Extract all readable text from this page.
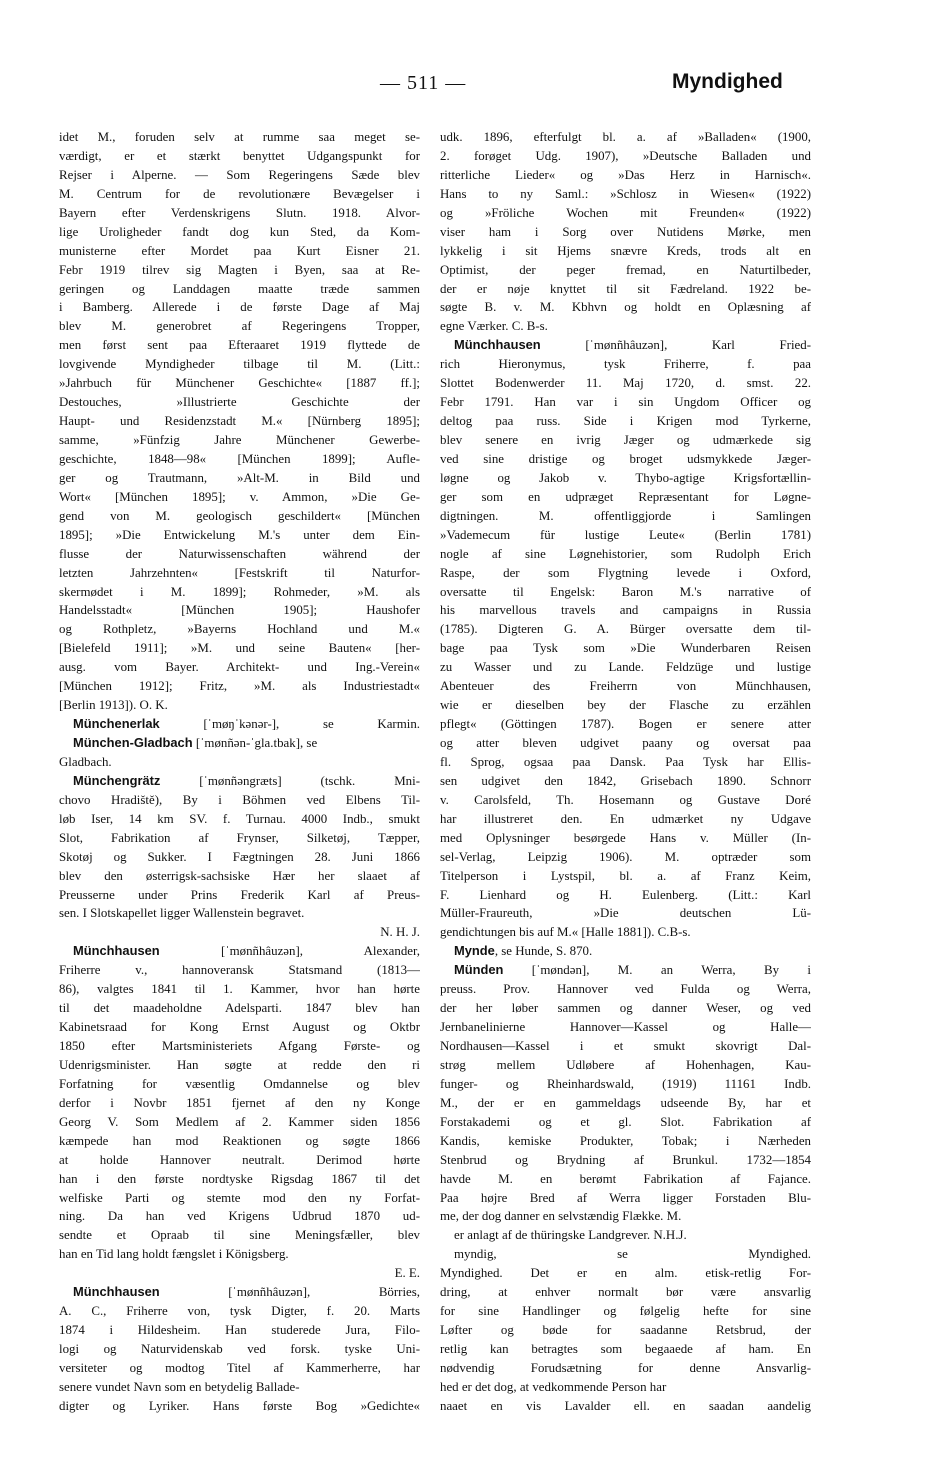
— 511 —	Myndighed
idet M., foruden selv at rumme saa meget se-
værdigt, er et stærkt benyttet Udgangspunkt for
Rejser i Alperne. — Som Regeringens Sæde blev
M. Centrum for de revolutionære Bevægelser i
Bayern efter Verdenskrigens Slutn. 1918. Alvor-
lige Uroligheder fandt dog kun Sted, da Kom-
munisterne efter Mordet paa Kurt Eisner 21.
Febr 1919 tilrev sig Magten i Byen, saa at Re-
geringen og Landdagen maatte træde sammen
i Bamberg. Allerede i de første Dage af Maj
blev M. generobret af Regeringens Tropper,
men først sent paa Efteraaret 1919 flyttede de
lovgivende Myndigheder tilbage til M. (Litt.:
»Jahrbuch für Münchener Geschichte« [1887 ff.];
Destouches, »Illustrierte Geschichte der
Haupt- und Residenzstadt M.« [Nürnberg 1895];
samme, »Fünfzig Jahre Münchener Gewerbe-
geschichte, 1848—98« [München 1899]; Aufle-
ger og Trautmann, »Alt-M. in Bild und
Wort« [München 1895]; v. Ammon, »Die Ge-
gend von M. geologisch geschildert« [München
1895]; »Die Entwickelung M.'s unter dem Ein-
flusse der Naturwissenschaften während der
letzten Jahrzehnten« [Festskrift til Naturfor-
skermødet i M. 1899]; Rohmeder, »M. als
Handelsstadt« [München 1905]; Haushofer
og Rothpletz, »Bayerns Hochland und M.«
[Bielefeld 1911]; »M. und seine Bauten« [her-
ausg. vom Bayer. Architekt- und Ing.-Verein«
[München 1912]; Fritz, »M. als Industriestadt«
[Berlin 1913]). O. K.
Münchenerlak [ˈmøŋˈkənər-], se Karmin.
München-Gladbach [ˈmønñən-ˈgla.tbak], se
Gladbach.
Münchengrätz [ˈmønñəngræts] (tschk. Mni-
chovo Hradiště), By i Böhmen ved Elbens Til-
løb Iser, 14 km SV. f. Turnau. 4000 Indb., smukt
Slot, Fabrikation af Frynser, Silketøj, Tæpper,
Skotøj og Sukker. I Fægtningen 28. Juni 1866
blev den østerrigsk-sachsiske Hær her slaaet af
Preusserne under Prins Frederik Karl af Preus-
sen. I Slotskapellet ligger Wallenstein begravet.
N. H. J.
Münchhausen [ˈmønñhâuzən], Alexander,
Friherre v., hannoveransk Statsmand (1813—
86), valgtes 1841 til 1. Kammer, hvor han hørte
til det maadeholdne Adelsparti. 1847 blev han
Kabinetsraad for Kong Ernst August og Oktbr
1850 efter Martsministeriets Afgang Første- og
Udenrigsminister. Han søgte at redde den ri
Forfatning for væsentlig Omdannelse og blev
derfor i Novbr 1851 fjernet af den ny Konge
Georg V. Som Medlem af 2. Kammer siden 1856
kæmpede han mod Reaktionen og søgte 1866
at holde Hannover neutralt. Derimod hørte
han i den første nordtyske Rigsdag 1867 til det
welfiske Parti og stemte mod den ny Forfat-
ning. Da han ved Krigens Udbrud 1870 ud-
sendte et Opraab til sine Meningsfæller, blev
han en Tid lang holdt fængslet i Königsberg.
E. E.
Münchhausen [ˈmønñhâuzən], Börries,
A. C., Friherre von, tysk Digter, f. 20. Marts
1874 i Hildesheim. Han studerede Jura, Filo-
logi og Naturvidenskab ved forsk. tyske Uni-
versiteter og modtog Titel af Kammerherre, har
senere vundet Navn som en betydelig Ballade-
digter og Lyriker. Hans første Bog »Gedichte«
udk. 1896, efterfulgt bl. a. af »Balladen« (1900,
2. forøget Udg. 1907), »Deutsche Balladen und
ritterliche Lieder« og »Das Herz in Harnisch«.
Hans to ny Saml.: »Schlosz in Wiesen« (1922)
og »Fröliche Wochen mit Freunden« (1922)
viser ham i Sorg over Nutidens Mørke, men
lykkelig i sit Hjems snævre Kreds, trods alt en
Optimist, der peger fremad, en Naturtilbeder,
der er nøje knyttet til sit Fædreland. 1922 be-
søgte B. v. M. Kbhvn og holdt en Oplæsning af
egne Værker. C. B-s.
Münchhausen [ˈmønñhâuzən], Karl Fried-
rich Hieronymus, tysk Friherre, f. paa
Slottet Bodenwerder 11. Maj 1720, d. smst. 22.
Febr 1791. Han var i sin Ungdom Officer og
deltog paa russ. Side i Krigen mod Tyrkerne,
blev senere en ivrig Jæger og udmærkede sig
ved sine dristige og broget udsmykkede Jæger-
løgne og Jakob v. Thybo-agtige Krigsfortællin-
ger som en udpræget Repræsentant for Løgne-
digtningen. M. offentliggjorde i Samlingen
»Vademecum für lustige Leute« (Berlin 1781)
nogle af sine Løgnehistorier, som Rudolph Erich
Raspe, der som Flygtning levede i Oxford,
oversatte til Engelsk: Baron M.'s narrative of
his marvellous travels and campaigns in Russia
(1785). Digteren G. A. Bürger oversatte dem til-
bage paa Tysk som »Die Wunderbaren Reisen
zu Wasser und zu Lande. Feldzüge und lustige
Abenteuer des Freiherrn von Münchhausen,
wie er dieselben bey der Flasche zu erzählen
pflegt« (Göttingen 1787). Bogen er senere atter
og atter bleven udgivet paany og oversat paa
fl. Sprog, ogsaa paa Dansk. Paa Tysk har Ellis-
sen udgivet den 1842, Grisebach 1890. Schnorr
v. Carolsfeld, Th. Hosemann og Gustave Doré
har illustreret den. En udmærket ny Udgave
med Oplysninger besørgede Hans v. Müller (In-
sel-Verlag, Leipzig 1906). M. optræder som
Titelperson i Lystspil, bl. a. af Franz Keim,
F. Lienhard og H. Eulenberg. (Litt.: Karl
Müller-Fraureuth, »Die deutschen Lü-
gendichtungen bis auf M.« [Halle 1881]). C.B-s.
Mynde, se Hunde, S. 870.
Münden [ˈmøndən], M. an Werra, By i
preuss. Prov. Hannover ved Fulda og Werra,
der her løber sammen og danner Weser, og ved
Jernbanelinierne Hannover—Kassel og Halle—
Nordhausen—Kassel i et smukt skovrigt Dal-
strøg mellem Udløbere af Hohenhagen, Kau-
funger- og Rheinhardswald, (1919) 11161 Indb.
M., der er en gammeldags udseende By, har et
Forstakademi og et gl. Slot. Fabrikation af
Kandis, kemiske Produkter, Tobak; i Nærheden
Stenbrud og Brydning af Brunkul. 1732—1854
havde M. en berømt Fabrikation af Fajance.
Paa højre Bred af Werra ligger Forstaden Blu-
me, der dog danner en selvstændig Flække. M.
er anlagt af de thüringske Landgrever. N.H.J.
myndig, se Myndighed.
Myndighed. Det er en alm. etisk-retlig For-
dring, at enhver normalt bør være ansvarlig
for sine Handlinger og følgelig hefte for sine
Løfter og bøde for saadanne Retsbrud, der
retlig kan betragtes som begaaede af ham. En
nødvendig Forudsætning for denne Ansvarlig-
hed er det dog, at vedkommende Person har
naaet en vis Lavalder ell. en saadan aandelig
